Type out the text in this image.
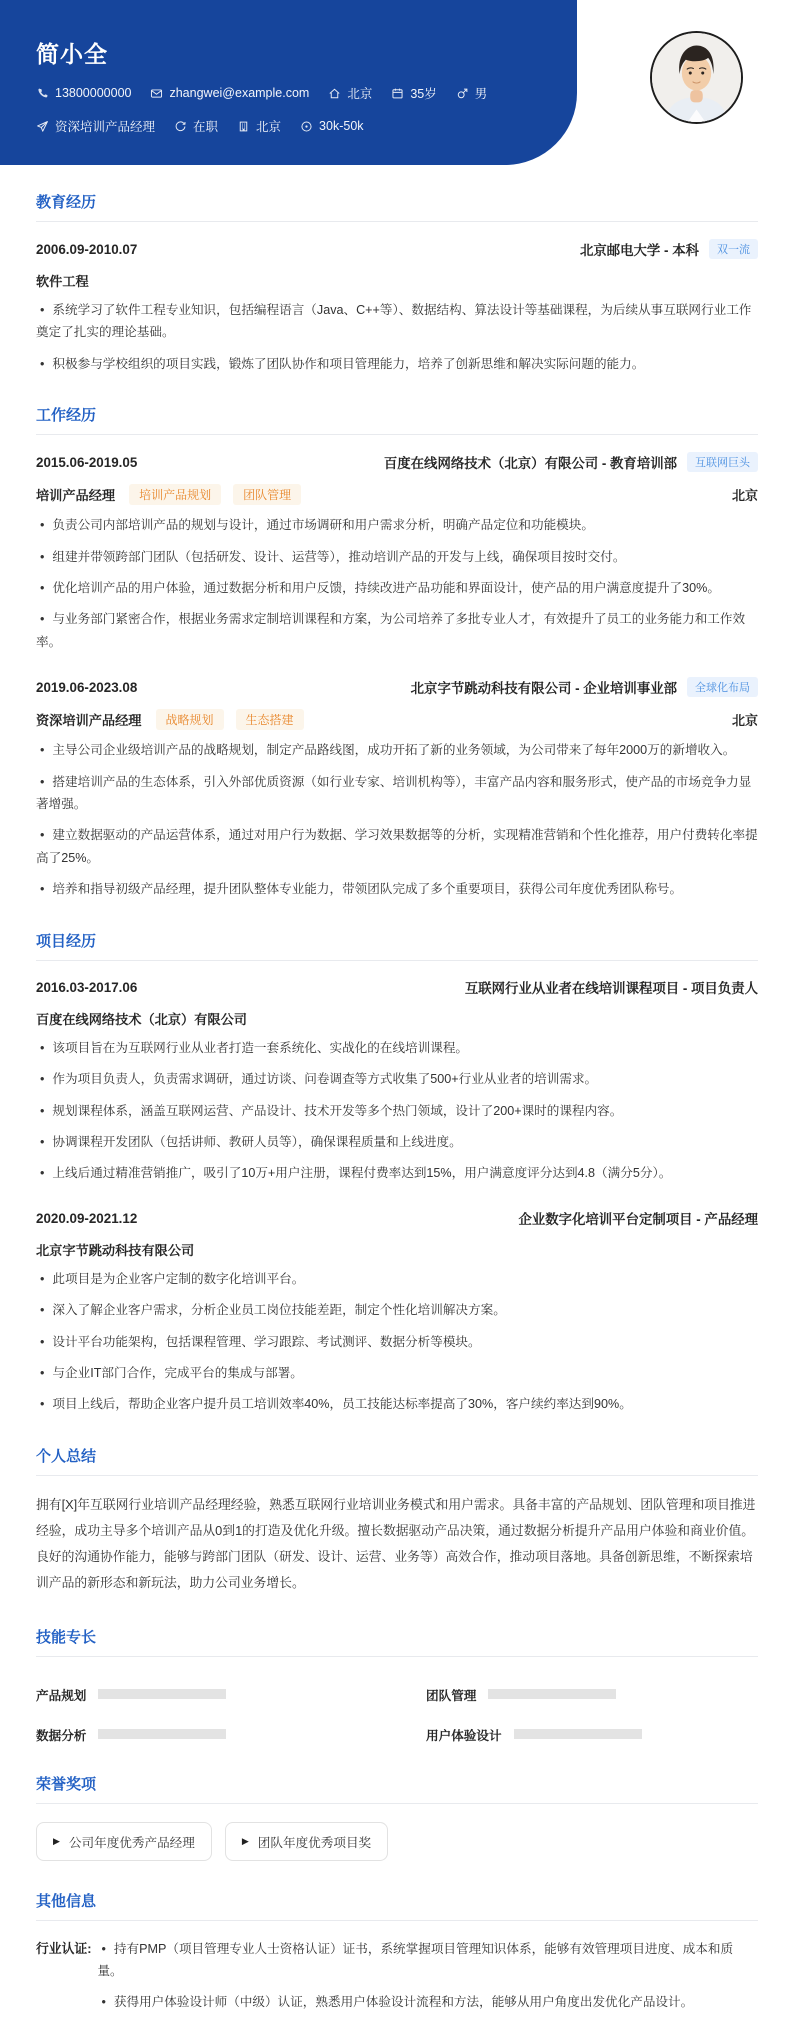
简小全
13800000000	zhangwei@example.com	北京	35岁	男
资深培训产品经理	在职	北京	30k-50k
教育经历
2006.09-2010.07	北京邮电大学 - 本科	双一流
软件工程
• 系统学习了软件工程专业知识，包括编程语言（Java、C++等）、数据结构、算法设计等基础课程，为后续从事互联网行业工作奠定了扎实的理论基础。
• 积极参与学校组织的项目实践，锻炼了团队协作和项目管理能力，培养了创新思维和解决实际问题的能力。
工作经历
2015.06-2019.05	百度在线网络技术（北京）有限公司 - 教育培训部	互联网巨头
培训产品经理	培训产品规划	团队管理	北京
• 负责公司内部培训产品的规划与设计，通过市场调研和用户需求分析，明确产品定位和功能模块。
• 组建并带领跨部门团队（包括研发、设计、运营等），推动培训产品的开发与上线，确保项目按时交付。
• 优化培训产品的用户体验，通过数据分析和用户反馈，持续改进产品功能和界面设计，使产品的用户满意度提升了30%。
• 与业务部门紧密合作，根据业务需求定制培训课程和方案，为公司培养了多批专业人才，有效提升了员工的业务能力和工作效率。
2019.06-2023.08	北京字节跳动科技有限公司 - 企业培训事业部	全球化布局
资深培训产品经理	战略规划	生态搭建	北京
• 主导公司企业级培训产品的战略规划，制定产品路线图，成功开拓了新的业务领域，为公司带来了每年2000万的新增收入。
• 搭建培训产品的生态体系，引入外部优质资源（如行业专家、培训机构等），丰富产品内容和服务形式，使产品的市场竞争力显著增强。
• 建立数据驱动的产品运营体系，通过对用户行为数据、学习效果数据等的分析，实现精准营销和个性化推荐，用户付费转化率提高了25%。
• 培养和指导初级产品经理，提升团队整体专业能力，带领团队完成了多个重要项目，获得公司年度优秀团队称号。
项目经历
2016.03-2017.06	互联网行业从业者在线培训课程项目 - 项目负责人
百度在线网络技术（北京）有限公司
• 该项目旨在为互联网行业从业者打造一套系统化、实战化的在线培训课程。
• 作为项目负责人，负责需求调研，通过访谈、问卷调查等方式收集了500+行业从业者的培训需求。
• 规划课程体系，涵盖互联网运营、产品设计、技术开发等多个热门领域，设计了200+课时的课程内容。
• 协调课程开发团队（包括讲师、教研人员等），确保课程质量和上线进度。
• 上线后通过精准营销推广，吸引了10万+用户注册，课程付费率达到15%，用户满意度评分达到4.8（满分5分）。
2020.09-2021.12	企业数字化培训平台定制项目 - 产品经理
北京字节跳动科技有限公司
• 此项目是为企业客户定制的数字化培训平台。
• 深入了解企业客户需求，分析企业员工岗位技能差距，制定个性化培训解决方案。
• 设计平台功能架构，包括课程管理、学习跟踪、考试测评、数据分析等模块。
• 与企业IT部门合作，完成平台的集成与部署。
• 项目上线后，帮助企业客户提升员工培训效率40%，员工技能达标率提高了30%，客户续约率达到90%。
个人总结
拥有[X]年互联网行业培训产品经理经验，熟悉互联网行业培训业务模式和用户需求。具备丰富的产品规划、团队管理和项目推进经验，成功主导多个培训产品从0到1的打造及优化升级。擅长数据驱动产品决策，通过数据分析提升产品用户体验和商业价值。良好的沟通协作能力，能够与跨部门团队（研发、设计、运营、业务等）高效合作，推动项目落地。具备创新思维，不断探索培训产品的新形态和新玩法，助力公司业务增长。
技能专长
产品规划	团队管理
数据分析	用户体验设计
荣誉奖项
▶ 公司年度优秀产品经理	▶ 团队年度优秀项目奖
其他信息
行业认证: • 持有PMP（项目管理专业人士资格认证）证书，系统掌握项目管理知识体系，能够有效管理项目进度、成本和质量。
• 获得用户体验设计师（中级）认证，熟悉用户体验设计流程和方法，能够从用户角度出发优化产品设计。
